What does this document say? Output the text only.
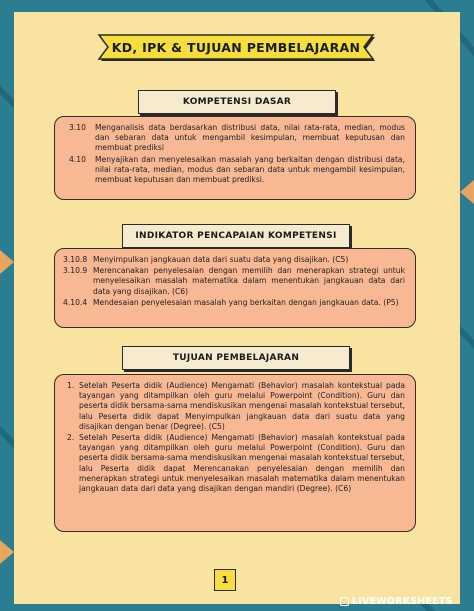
KD, IPK & TUJUAN PEMBELAJARAN
KOMPETENSI DASAR
3.10	Menganalisis data berdasarkan distribusi data, nilai rata-rata, median, modus dan sebaran data untuk mengambil kesimpulan, membuat keputusan dan membuat prediksi
4.10	Menyajikan dan menyelesaikan masalah yang berkaitan dengan distribusi data, nilai rata-rata, median, modus dan sebaran data untuk mengambil kesimpulan, membuat keputusan dan membuat prediksi.
INDIKATOR PENCAPAIAN KOMPETENSI
3.10.8 Menyimpulkan jangkauan data dari suatu data yang disajikan. (C5)
3.10.9 Merencanakan penyelesaian dengan memilih dan menerapkan strategi untuk menyelesaikan masalah matematika dalam menentukan jangkauan data dari data yang disajikan. (C6)
4.10.4 Mendesaian penyelesaian masalah yang berkaitan dengan jangkauan data. (P5)
TUJUAN PEMBELAJARAN
1. Setelah Peserta didik (Audience) Mengamati (Behavior) masalah kontekstual pada tayangan yang ditampilkan oleh guru melalui Powerpoint (Condition). Guru dan peserta didik bersama-sama mendiskusikan mengenai masalah kontekstual tersebut, lalu Peserta didik dapat Menyimpulkan jangkauan data dari suatu data yang disajikan dengan benar (Degree). (C5)
2. Setelah Peserta didik (Audience) Mengamati (Behavior) masalah kontekstual pada tayangan yang ditampilkan oleh guru melalui Powerpoint (Condition). Guru dan peserta didik bersama-sama mendiskusikan mengenai masalah kontekstual tersebut, lalu Peserta didik dapat Merencanakan penyelesaian dengan memilih dan menerapkan strategi untuk menyelesaikan masalah matematika dalam menentukan jangkauan data dari data yang disajikan dengan mandiri (Degree). (C6)
1
LIVEWORKSHEETS
